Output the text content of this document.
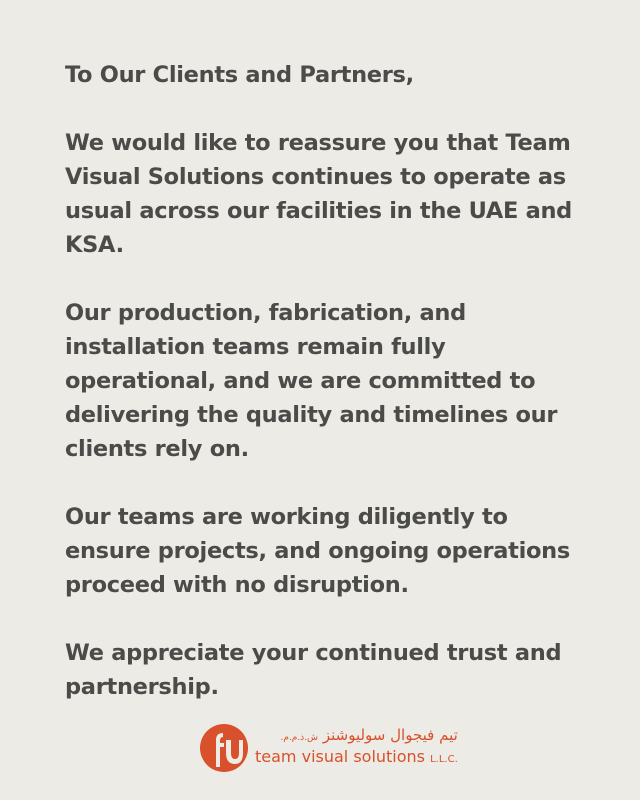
To Our Clients and Partners,

We would like to reassure you that Team Visual Solutions continues to operate as usual across our facilities in the UAE and KSA.

Our production, fabrication, and installation teams remain fully operational, and we are committed to delivering the quality and timelines our clients rely on.

Our teams are working diligently to ensure projects, and ongoing operations proceed with no disruption.

We appreciate your continued trust and partnership.

تيم فيجوال سوليوشنز ش.ذ.م.م.
team visual solutions L.L.C.
